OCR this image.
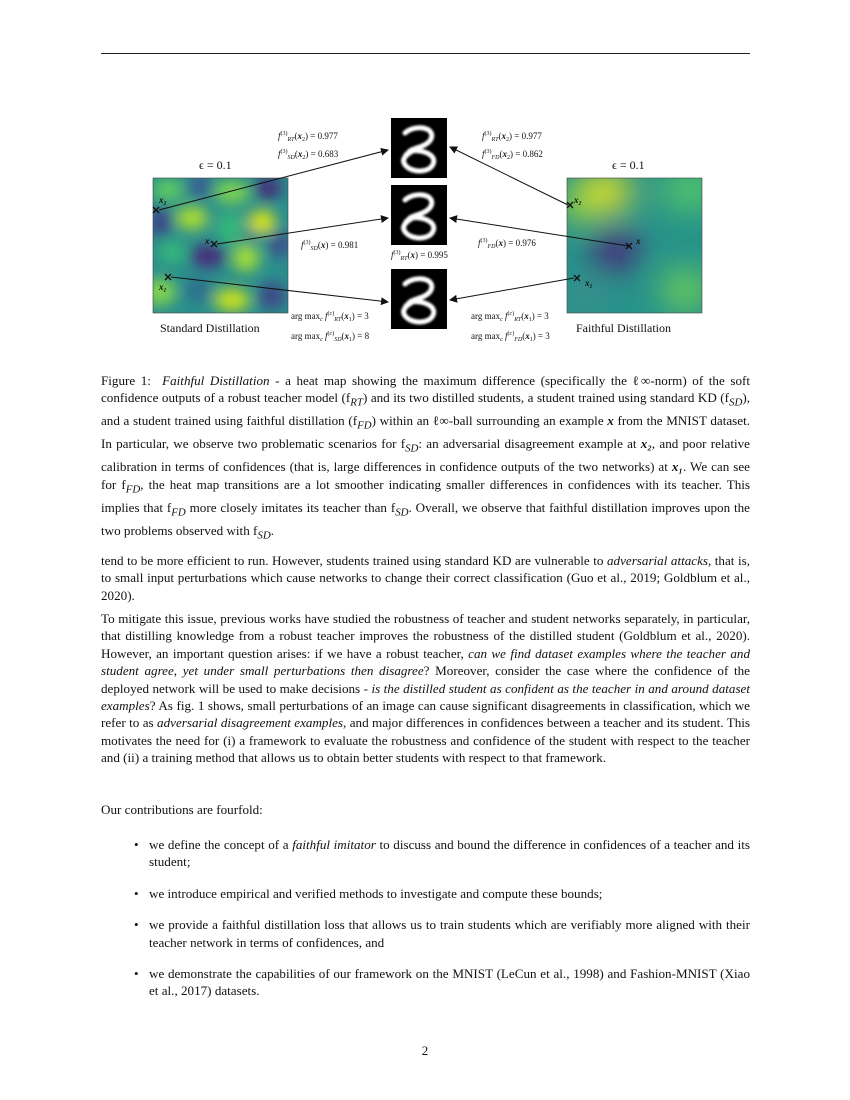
ϵ = 0.1	ϵ = 0.1
x₂
x
x₁
x₂
x
x₁
$f^{(3)}_{RT}(x_2) = 0.977$
$f^{(3)}_{SD}(x_2) = 0.683$
$f^{(3)}_{SD}(x) = 0.981$
$f^{(3)}_{RT}(x) = 0.995$
arg $\max_c f^{(c)}_{RT}(x_1) = 3$
arg $\max_c f^{(c)}_{SD}(x_1) = 8$
$f^{(3)}_{RT}(x_2) = 0.977$
$f^{(3)}_{FD}(x_2) = 0.862$
$f^{(3)}_{FD}(x) = 0.976$
arg $\max_c f^{(c)}_{RT}(x_1) = 3$
arg $\max_c f^{(c)}_{FD}(x_1) = 3$
Standard Distillation	Faithful Distillation
Figure 1: Faithful Distillation - a heat map showing the maximum difference (specifically the ℓ∞-norm) of the soft confidence outputs of a robust teacher model $(f_{RT})$ and its two distilled students, a student trained using standard KD $(f_{SD})$, and a student trained using faithful distillation $(f_{FD})$ within an ℓ∞-ball surrounding an example x from the MNIST dataset. In particular, we observe two problematic scenarios for $f_{SD}$: an adversarial disagreement example at x₂, and poor relative calibration in terms of confidences (that is, large differences in confidence outputs of the two networks) at x₁. We can see for $f_{FD}$, the heat map transitions are a lot smoother indicating smaller differences in confidences with its teacher. This implies that $f_{FD}$ more closely imitates its teacher than $f_{SD}$. Overall, we observe that faithful distillation improves upon the two problems observed with $f_{SD}$.

tend to be more efficient to run. However, students trained using standard KD are vulnerable to adversarial attacks, that is, to small input perturbations which cause networks to change their correct classification (Guo et al., 2019; Goldblum et al., 2020).

To mitigate this issue, previous works have studied the robustness of teacher and student networks separately, in particular, that distilling knowledge from a robust teacher improves the robustness of the distilled student (Goldblum et al., 2020). However, an important question arises: if we have a robust teacher, can we find dataset examples where the teacher and student agree, yet under small perturbations then disagree? Moreover, consider the case where the confidence of the deployed network will be used to make decisions - is the distilled student as confident as the teacher in and around dataset examples? As fig. 1 shows, small perturbations of an image can cause significant disagreements in classification, which we refer to as adversarial disagreement examples, and major differences in confidences between a teacher and its student. This motivates the need for (i) a framework to evaluate the robustness and confidence of the student with respect to the teacher and (ii) a training method that allows us to obtain better students with respect to that framework.

Our contributions are fourfold:

• we define the concept of a faithful imitator to discuss and bound the difference in confidences of a teacher and its student;
• we introduce empirical and verified methods to investigate and compute these bounds;
• we provide a faithful distillation loss that allows us to train students which are verifiably more aligned with their teacher network in terms of confidences, and
• we demonstrate the capabilities of our framework on the MNIST (LeCun et al., 1998) and Fashion-MNIST (Xiao et al., 2017) datasets.
2
